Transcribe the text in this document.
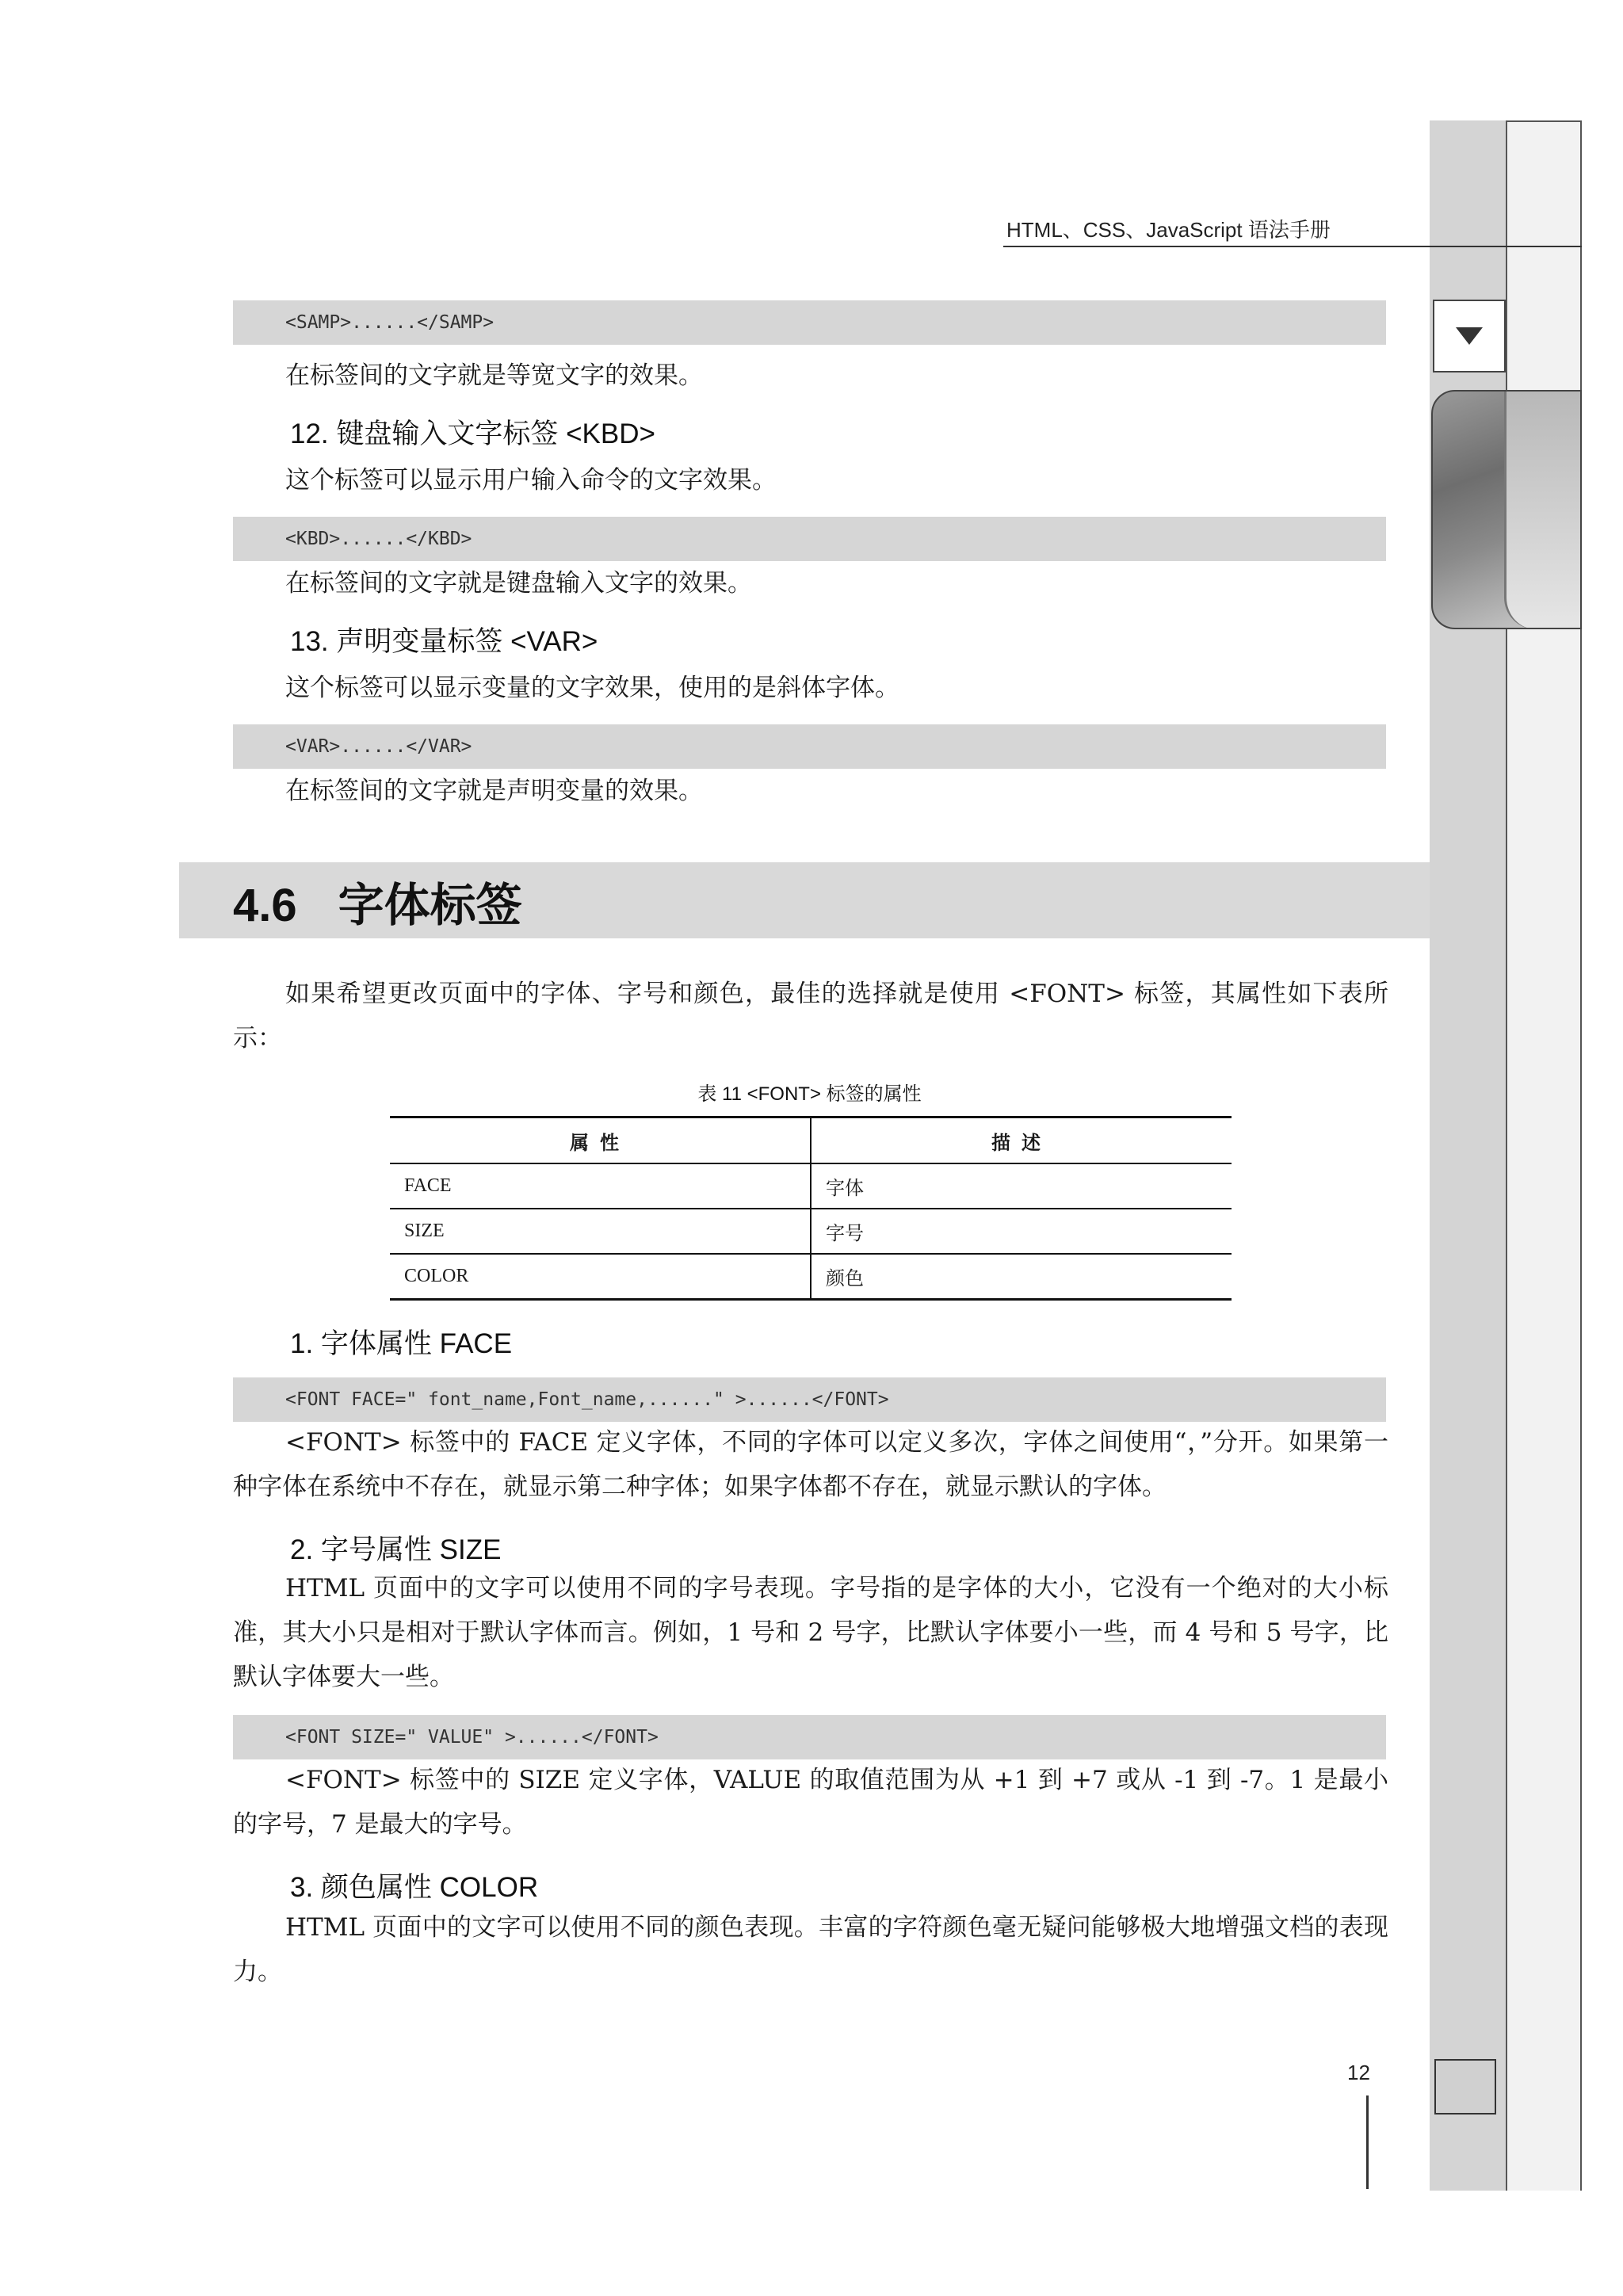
HTML、CSS、JavaScript 语法手册
<SAMP>......</SAMP>
在标签间的文字就是等宽文字的效果。
12. 键盘输入文字标签 <KBD>
这个标签可以显示用户输入命令的文字效果。
<KBD>......</KBD>
在标签间的文字就是键盘输入文字的效果。
13. 声明变量标签 <VAR>
这个标签可以显示变量的文字效果，使用的是斜体字体。
<VAR>......</VAR>
在标签间的文字就是声明变量的效果。
4.6 字体标签
如果希望更改页面中的字体、字号和颜色，最佳的选择就是使用 <FONT> 标签，其属性如下表所示：
表 11 <FONT> 标签的属性
属性	描述
FACE	字体
SIZE	字号
COLOR	颜色
1. 字体属性 FACE
<FONT FACE=" font_name,Font_name,......" >......</FONT>
<FONT> 标签中的 FACE 定义字体，不同的字体可以定义多次，字体之间使用“，”分开。如果第一种字体在系统中不存在，就显示第二种字体；如果字体都不存在，就显示默认的字体。
2. 字号属性 SIZE
HTML 页面中的文字可以使用不同的字号表现。字号指的是字体的大小，它没有一个绝对的大小标准，其大小只是相对于默认字体而言。例如，1 号和 2 号字，比默认字体要小一些，而 4 号和 5 号字，比默认字体要大一些。
<FONT SIZE=" VALUE" >......</FONT>
<FONT> 标签中的 SIZE 定义字体，VALUE 的取值范围为从 +1 到 +7 或从 -1 到 -7。1 是最小的字号，7 是最大的字号。
3. 颜色属性 COLOR
HTML 页面中的文字可以使用不同的颜色表现。丰富的字符颜色毫无疑问能够极大地增强文档的表现力。
12
